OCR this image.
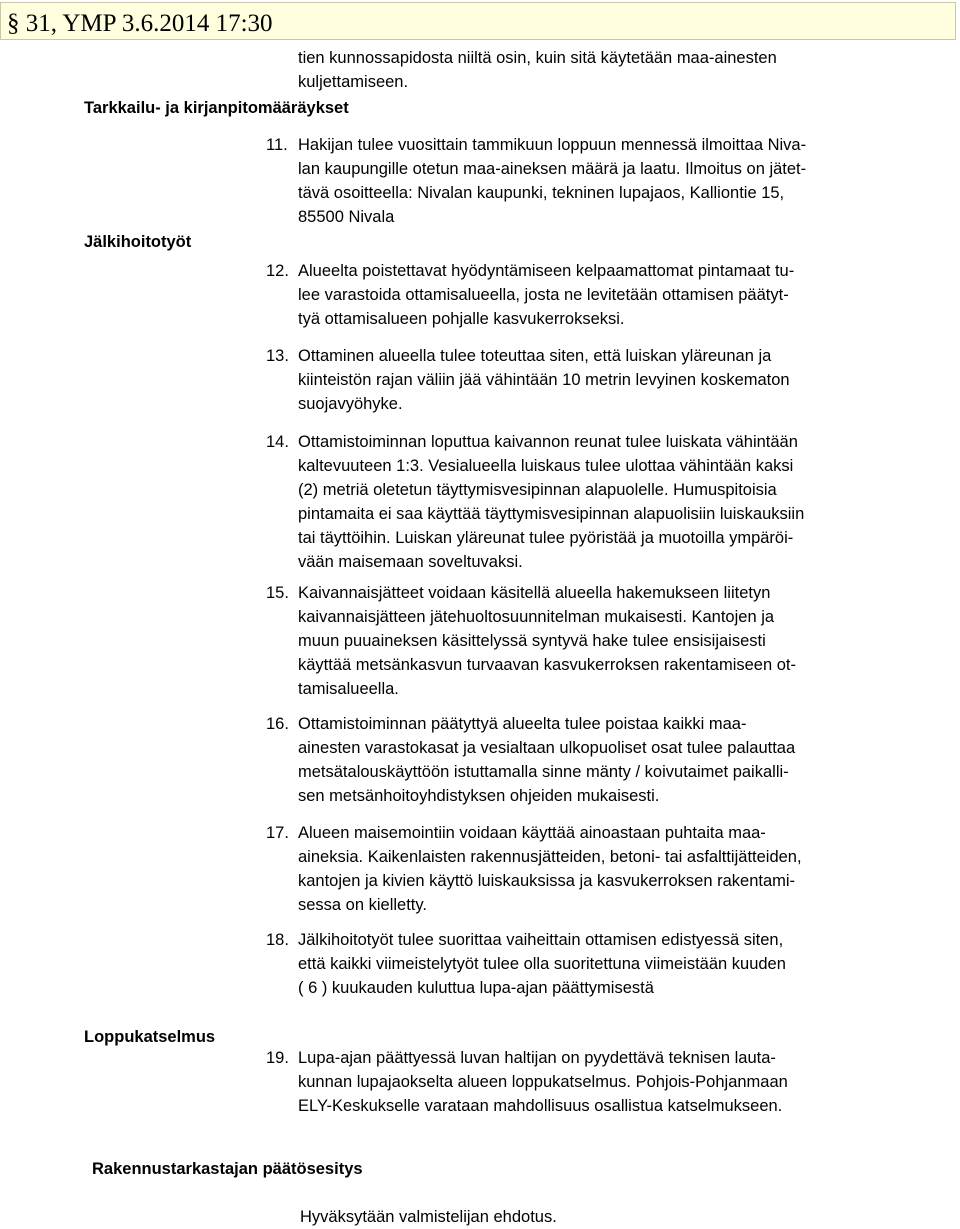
§ 31, YMP 3.6.2014 17:30
tien kunnossapidosta niiltä osin, kuin sitä käytetään maa-ainesten
kuljettamiseen.
Tarkkailu- ja kirjanpitomääräykset
11. Hakijan tulee vuosittain tammikuun loppuun mennessä ilmoittaa Niva-
lan kaupungille otetun maa-aineksen määrä ja laatu. Ilmoitus on jätet-
tävä osoitteella: Nivalan kaupunki, tekninen lupajaos, Kalliontie 15,
85500 Nivala
Jälkihoitotyöt
12. Alueelta poistettavat hyödyntämiseen kelpaamattomat pintamaat tu-
lee varastoida ottamisalueella, josta ne levitetään ottamisen päätyt-
tyä ottamisalueen pohjalle kasvukerrokseksi.
13. Ottaminen alueella tulee toteuttaa siten, että luiskan yläreunan ja
kiinteistön rajan väliin jää vähintään 10 metrin levyinen koskematon
suojavyöhyke.
14. Ottamistoiminnan loputtua kaivannon reunat tulee luiskata vähintään
kaltevuuteen 1:3. Vesialueella luiskaus tulee ulottaa vähintään kaksi
(2) metriä oletetun täyttymisvesipinnan alapuolelle. Humuspitoisia
pintamaita ei saa käyttää täyttymisvesipinnan alapuolisiin luiskauksiin
tai täyttöihin. Luiskan yläreunat tulee pyöristää ja muotoilla ympäröi-
vään maisemaan soveltuvaksi.
15. Kaivannaisjätteet voidaan käsitellä alueella hakemukseen liitetyn
kaivannaisjätteen jätehuoltosuunnitelman mukaisesti. Kantojen ja
muun puuaineksen käsittelyssä syntyvä hake tulee ensisijaisesti
käyttää metsänkasvun turvaavan kasvukerroksen rakentamiseen ot-
tamisalueella.
16. Ottamistoiminnan päätyttyä alueelta tulee poistaa kaikki maa-
ainesten varastokasat ja vesialtaan ulkopuoliset osat tulee palauttaa
metsätalouskäyttöön istuttamalla sinne mänty / koivutaimet paikalli-
sen metsänhoitoyhdistyksen ohjeiden mukaisesti.
17. Alueen maisemointiin voidaan käyttää ainoastaan puhtaita maa-
aineksia. Kaikenlaisten rakennusjätteiden, betoni- tai asfalttijätteiden,
kantojen ja kivien käyttö luiskauksissa ja kasvukerroksen rakentami-
sessa on kielletty.
18. Jälkihoitotyöt tulee suorittaa vaiheittain ottamisen edistyessä siten,
että kaikki viimeistelytyöt tulee olla suoritettuna viimeistään kuuden
( 6 ) kuukauden kuluttua lupa-ajan päättymisestä
Loppukatselmus
19. Lupa-ajan päättyessä luvan haltijan on pyydettävä teknisen lauta-
kunnan lupajaokselta alueen loppukatselmus. Pohjois-Pohjanmaan
ELY-Keskukselle varataan mahdollisuus osallistua katselmukseen.
Rakennustarkastajan päätösesitys
Hyväksytään valmistelijan ehdotus.
